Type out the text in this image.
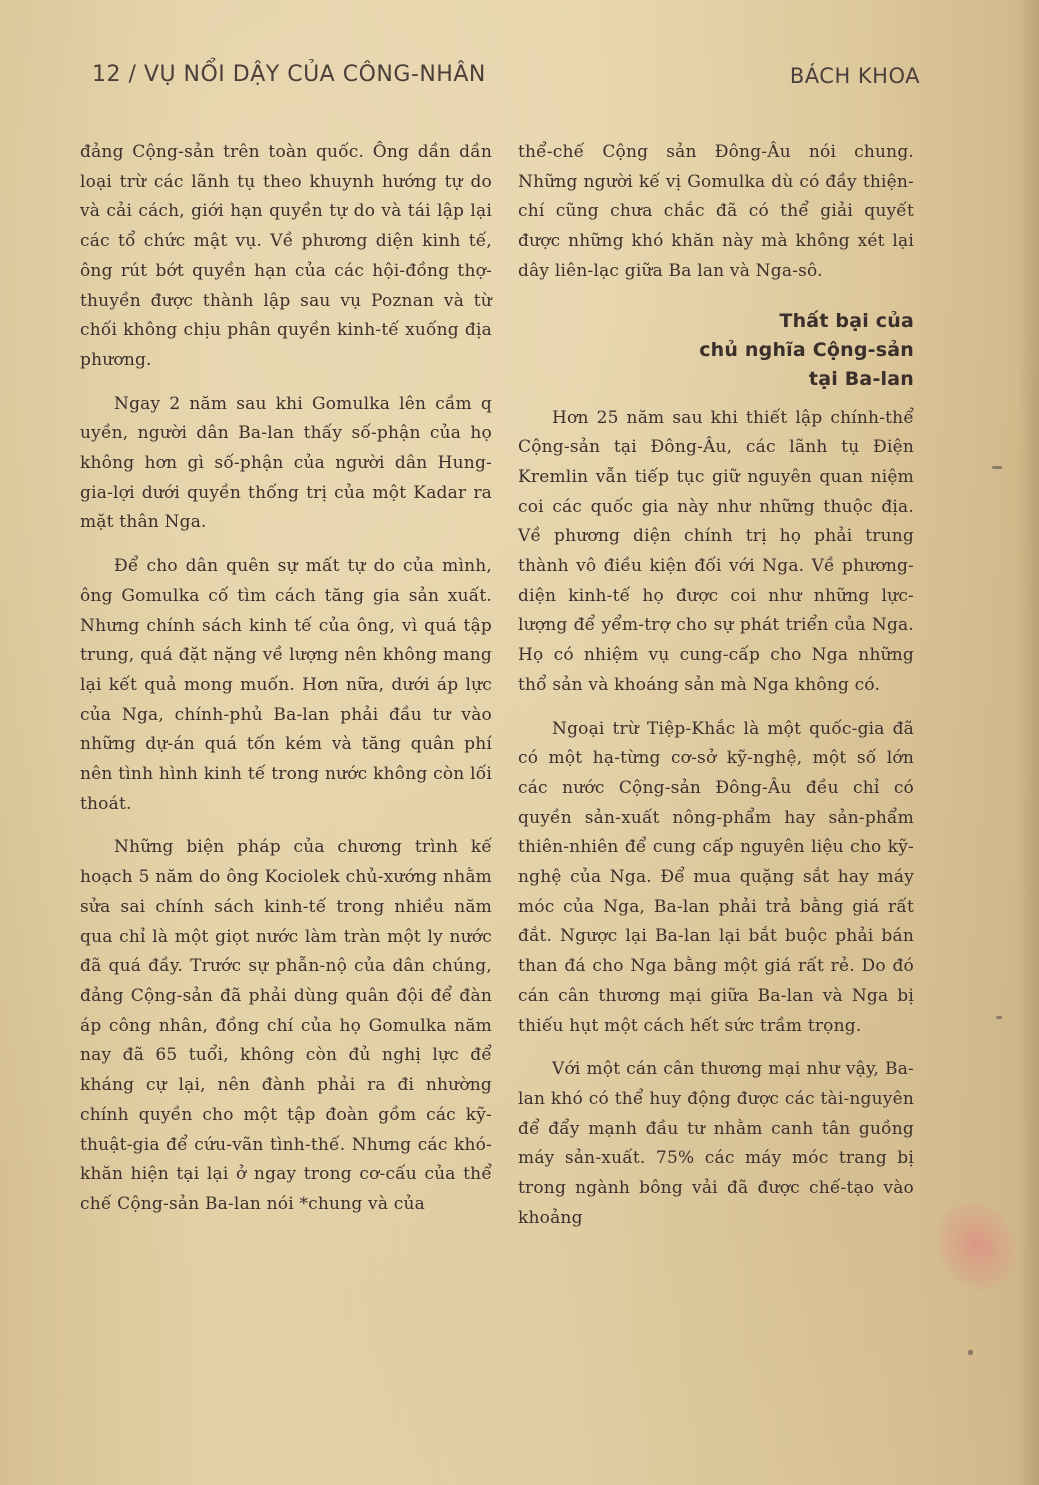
12 / VỤ NỔI DẬY CỦA CÔNG-NHÂN	BÁCH KHOA

đảng Cộng-sản trên toàn quốc. Ông dần dần loại trừ các lãnh tụ theo khuynh hướng tự do và cải cách, giới hạn quyền tự do và tái lập lại các tổ chức mật vụ. Về phương diện kinh tế, ông rút bớt quyền hạn của các hội-đồng thợ-thuyền được thành lập sau vụ Poznan và từ chối không chịu phân quyền kinh-tế xuống địa phương.

Ngay 2 năm sau khi Gomulka lên cầm q uyền, người dân Ba-lan thấy số-phận của họ không hơn gì số-phận của người dân Hung-gia-lợi dưới quyền thống trị của một Kadar ra mặt thân Nga.

Để cho dân quên sự mất tự do của mình, ông Gomulka cố tìm cách tăng gia sản xuất. Nhưng chính sách kinh tế của ông, vì quá tập trung, quá đặt nặng về lượng nên không mang lại kết quả mong muốn. Hơn nữa, dưới áp lực của Nga, chính-phủ Ba-lan phải đầu tư vào những dự-án quá tốn kém và tăng quân phí nên tình hình kinh tế trong nước không còn lối thoát.

Những biện pháp của chương trình kế hoạch 5 năm do ông Kociolek chủ-xướng nhằm sửa sai chính sách kinh-tế trong nhiều năm qua chỉ là một giọt nước làm tràn một ly nước đã quá đầy. Trước sự phẫn-nộ của dân chúng, đảng Cộng-sản đã phải dùng quân đội để đàn áp công nhân, đồng chí của họ Gomulka năm nay đã 65 tuổi, không còn đủ nghị lực để kháng cự lại, nên đành phải ra đi nhường chính quyền cho một tập đoàn gồm các kỹ-thuật-gia để cứu-vãn tình-thế. Nhưng các khó-khăn hiện tại lại ở ngay trong cơ-cấu của thể chế Cộng-sản Ba-lan nói *chung và của

thể-chế Cộng sản Đông-Âu nói chung. Những người kế vị Gomulka dù có đầy thiện-chí cũng chưa chắc đã có thể giải quyết được những khó khăn này mà không xét lại dây liên-lạc giữa Ba lan và Nga-sô.

Thất bại của
chủ nghĩa Cộng-sản
tại Ba-lan

Hơn 25 năm sau khi thiết lập chính-thể Cộng-sản tại Đông-Âu, các lãnh tụ Điện Kremlin vẫn tiếp tục giữ nguyên quan niệm coi các quốc gia này như những thuộc địa. Về phương diện chính trị họ phải trung thành vô điều kiện đối với Nga. Về phương-diện kinh-tế họ được coi như những lực-lượng để yểm-trợ cho sự phát triển của Nga. Họ có nhiệm vụ cung-cấp cho Nga những thổ sản và khoáng sản mà Nga không có.

Ngoại trừ Tiệp-Khắc là một quốc-gia đã có một hạ-từng cơ-sở kỹ-nghệ, một số lớn các nước Cộng-sản Đông-Âu đều chỉ có quyền sản-xuất nông-phẩm hay sản-phẩm thiên-nhiên để cung cấp nguyên liệu cho kỹ-nghệ của Nga. Để mua quặng sắt hay máy móc của Nga, Ba-lan phải trả bằng giá rất đắt. Ngược lại Ba-lan lại bắt buộc phải bán than đá cho Nga bằng một giá rất rẻ. Do đó cán cân thương mại giữa Ba-lan và Nga bị thiếu hụt một cách hết sức trầm trọng.

Với một cán cân thương mại như vậy, Ba-lan khó có thể huy động được các tài-nguyên để đẩy mạnh đầu tư nhằm canh tân guồng máy sản-xuất. 75% các máy móc trang bị trong ngành bông vải đã được chế-tạo vào khoảng
